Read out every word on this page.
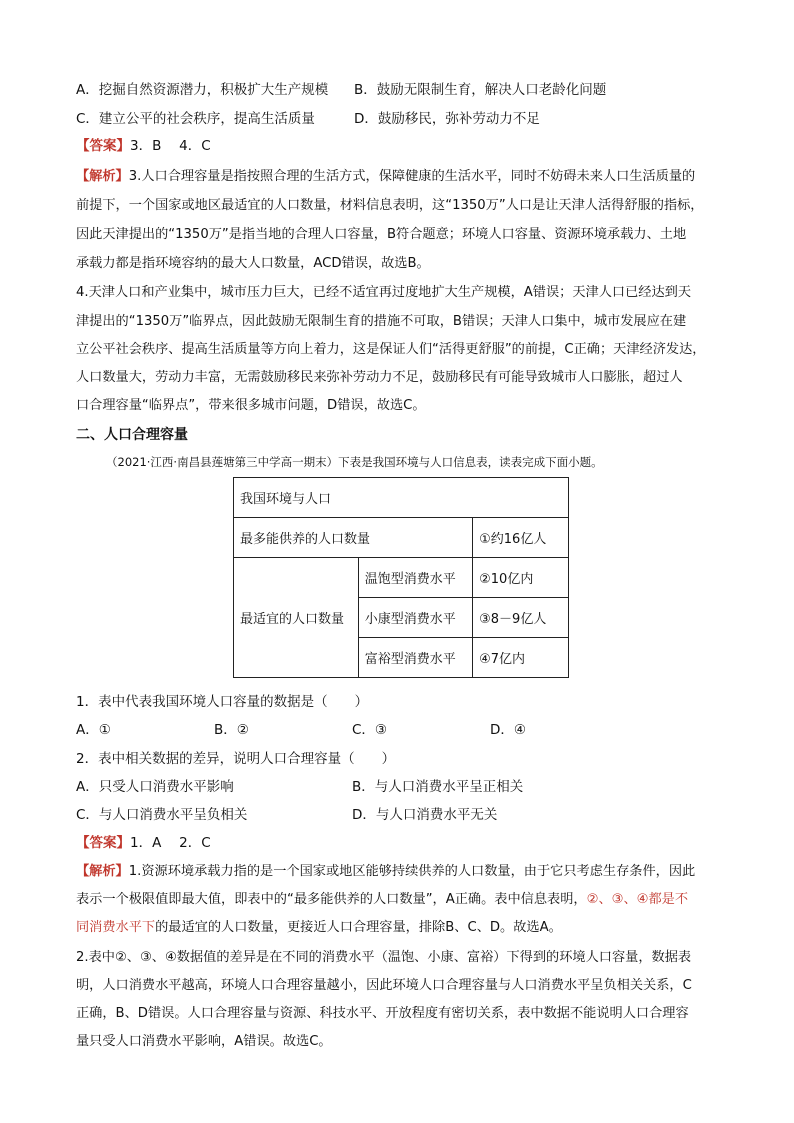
A．挖掘自然资源潜力，积极扩大生产规模 B．鼓励无限制生育，解决人口老龄化问题
C．建立公平的社会秩序，提高生活质量	D．鼓励移民，弥补劳动力不足
【答案】3．B　 4．C
【解析】3.人口合理容量是指按照合理的生活方式，保障健康的生活水平，同时不妨碍未来人口生活质量的
前提下，一个国家或地区最适宜的人口数量，材料信息表明，这“1350万”人口是让天津人活得舒服的指标，
因此天津提出的“1350万”是指当地的合理人口容量，B符合题意；环境人口容量、资源环境承载力、土地
承载力都是指环境容纳的最大人口数量，ACD错误，故选B。
4.天津人口和产业集中，城市压力巨大，已经不适宜再过度地扩大生产规模，A错误；天津人口已经达到天
津提出的“1350万”临界点，因此鼓励无限制生育的措施不可取，B错误；天津人口集中，城市发展应在建
立公平社会秩序、提高生活质量等方向上着力，这是保证人们“活得更舒服”的前提，C正确；天津经济发达，
人口数量大，劳动力丰富，无需鼓励移民来弥补劳动力不足，鼓励移民有可能导致城市人口膨胀，超过人
口合理容量“临界点”，带来很多城市问题，D错误，故选C。
二、人口合理容量
（2021·江西·南昌县莲塘第三中学高一期末）下表是我国环境与人口信息表，读表完成下面小题。
我国环境与人口		
最多能供养的人口数量		①约16亿人
最适宜的人口数量	温饱型消费水平	②10亿内
	小康型消费水平	③8－9亿人
	富裕型消费水平	④7亿内
1．表中代表我国环境人口容量的数据是（　　）
A．①	B．②	C．③	D．④
2．表中相关数据的差异，说明人口合理容量（　　）
A．只受人口消费水平影响	B．与人口消费水平呈正相关
C．与人口消费水平呈负相关	D．与人口消费水平无关
【答案】1．A　 2．C
【解析】1.资源环境承载力指的是一个国家或地区能够持续供养的人口数量，由于它只考虑生存条件，因此
表示一个极限值即最大值，即表中的“最多能供养的人口数量”，A正确。表中信息表明，②、③、④都是不
同消费水平下的最适宜的人口数量，更接近人口合理容量，排除B、C、D。故选A。
2.表中②、③、④数据值的差异是在不同的消费水平（温饱、小康、富裕）下得到的环境人口容量，数据表
明，人口消费水平越高，环境人口合理容量越小，因此环境人口合理容量与人口消费水平呈负相关关系，C
正确，B、D错误。人口合理容量与资源、科技水平、开放程度有密切关系，表中数据不能说明人口合理容
量只受人口消费水平影响，A错误。故选C。
